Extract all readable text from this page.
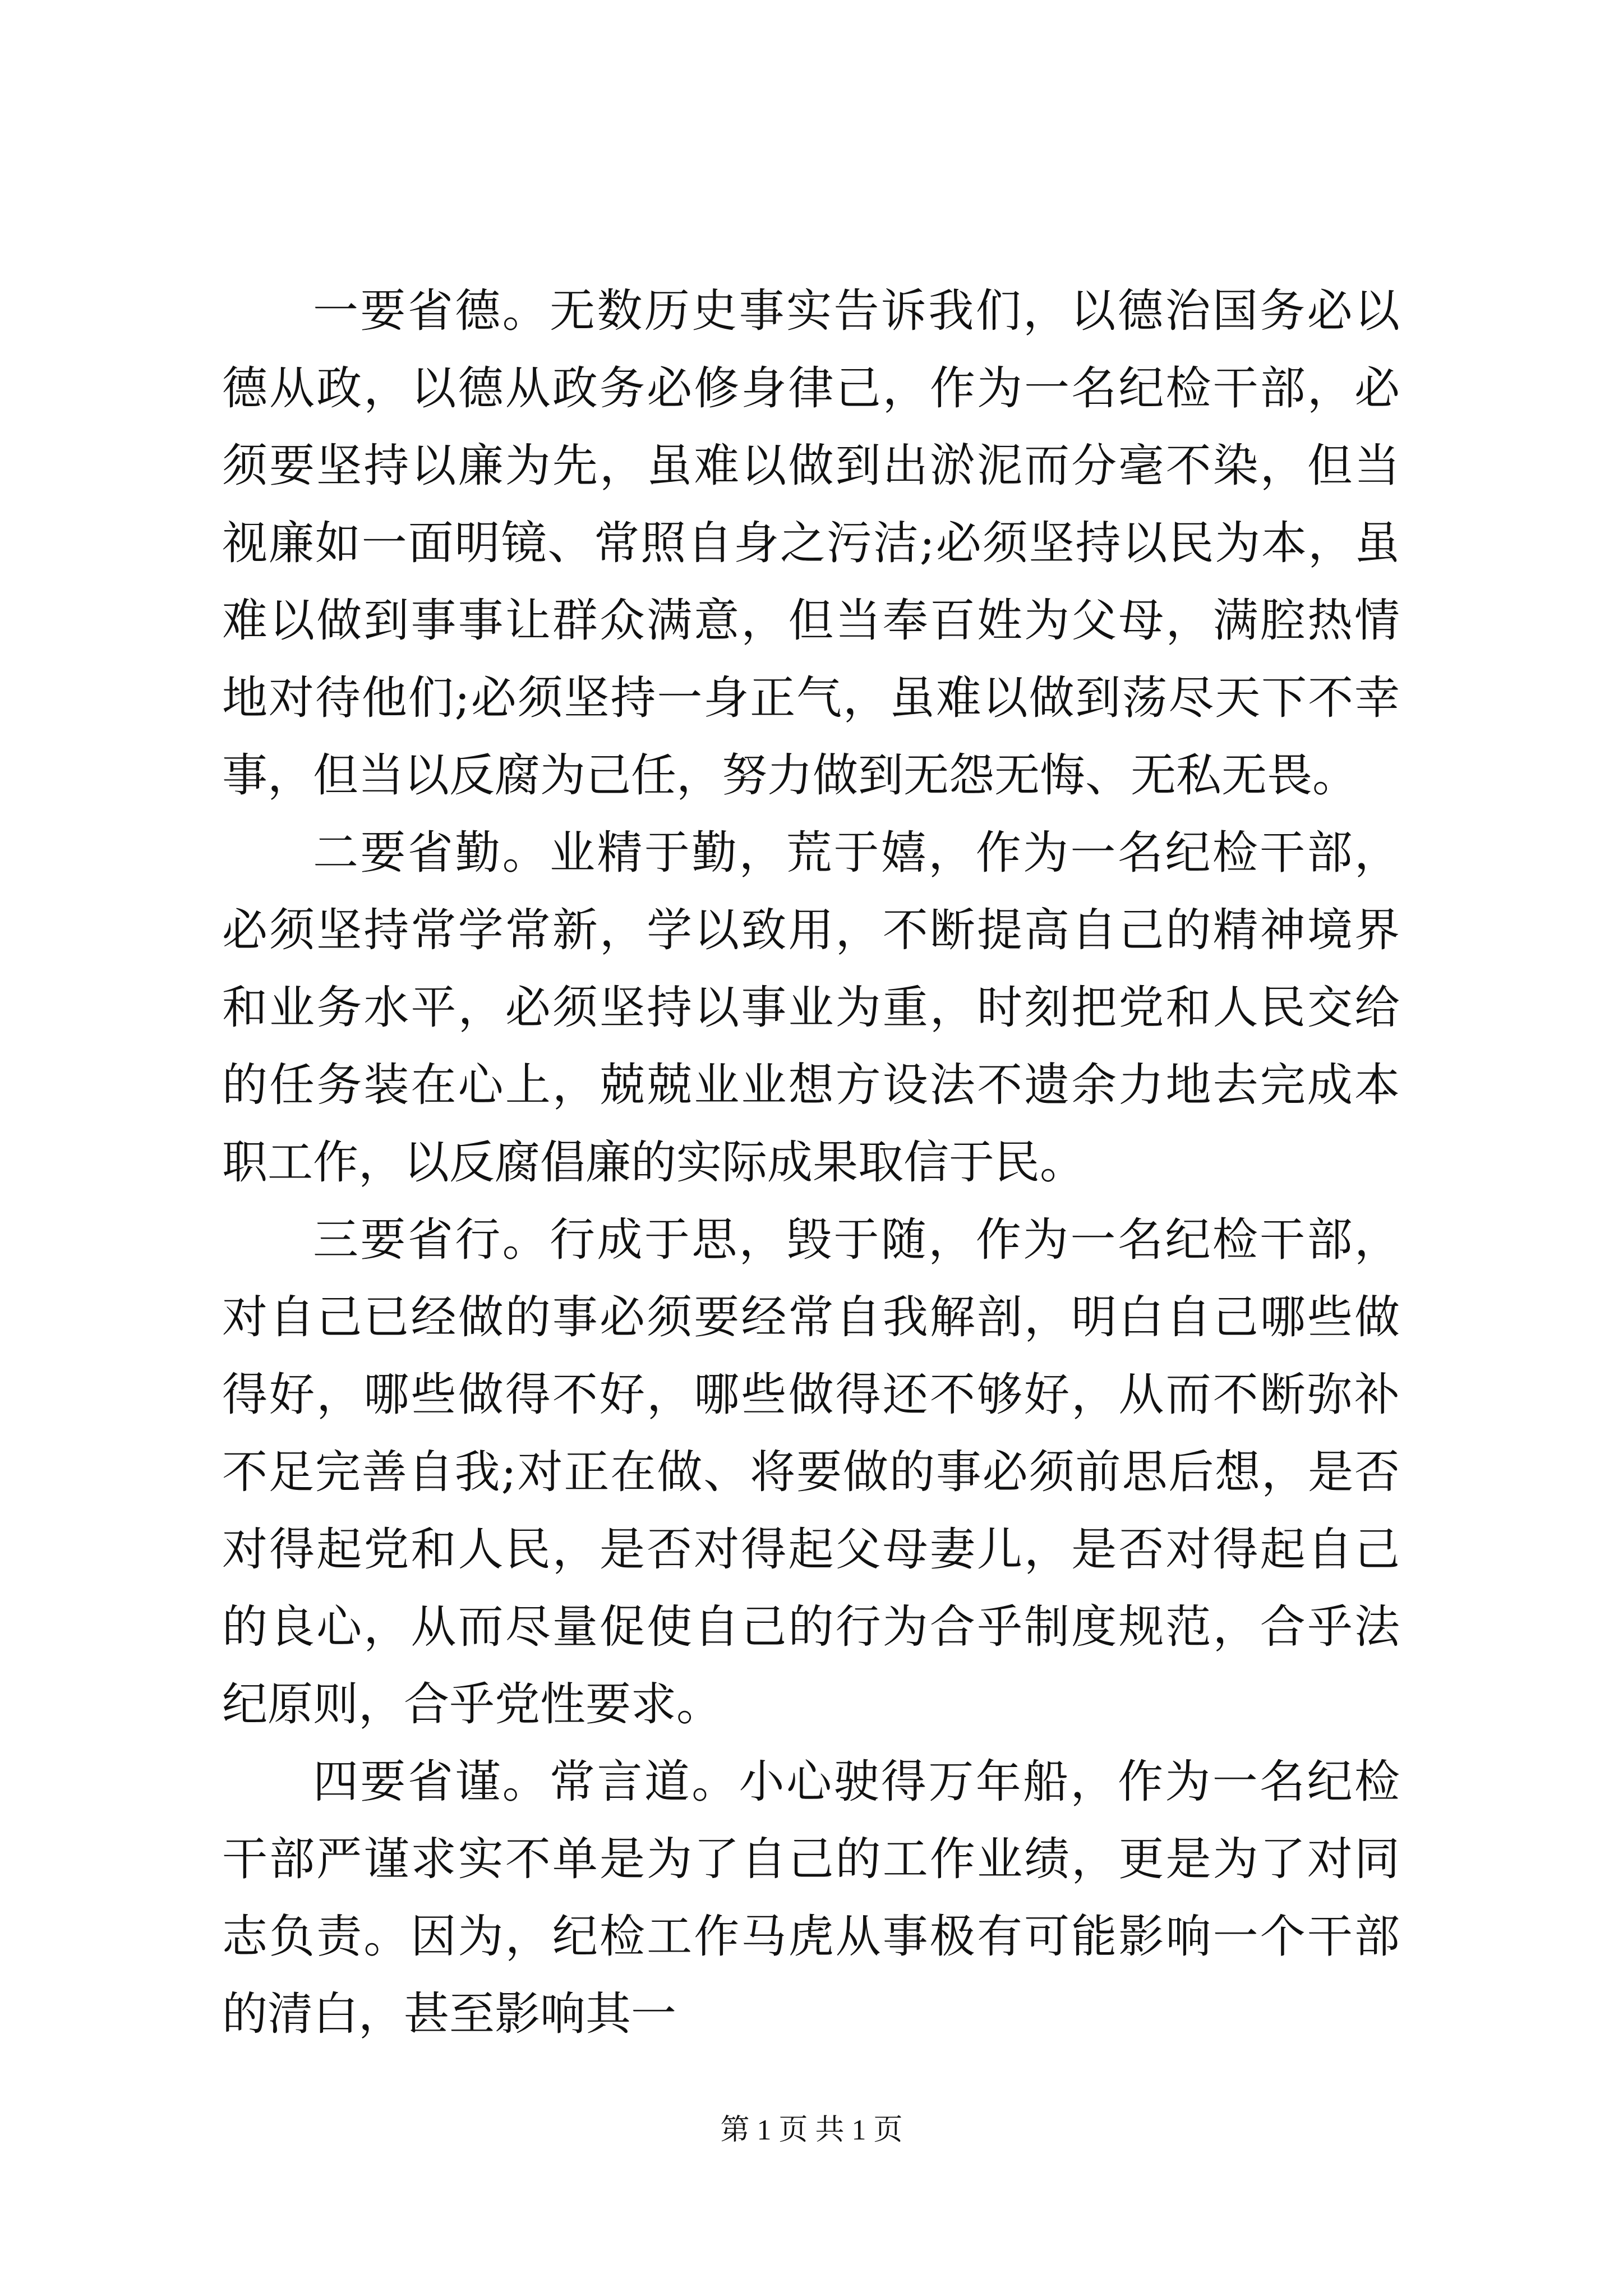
一要省德。无数历史事实告诉我们，以德治国务必以德从政，以德从政务必修身律己，作为一名纪检干部，必须要坚持以廉为先，虽难以做到出淤泥而分毫不染，但当视廉如一面明镜、常照自身之污洁;必须坚持以民为本，虽难以做到事事让群众满意，但当奉百姓为父母，满腔热情地对待他们;必须坚持一身正气，虽难以做到荡尽天下不幸事，但当以反腐为己任，努力做到无怨无悔、无私无畏。

二要省勤。业精于勤，荒于嬉，作为一名纪检干部，必须坚持常学常新，学以致用，不断提高自己的精神境界和业务水平，必须坚持以事业为重，时刻把党和人民交给的任务装在心上，兢兢业业想方设法不遗余力地去完成本职工作，以反腐倡廉的实际成果取信于民。

三要省行。行成于思，毁于随，作为一名纪检干部，对自己已经做的事必须要经常自我解剖，明白自己哪些做得好，哪些做得不好，哪些做得还不够好，从而不断弥补不足完善自我;对正在做、将要做的事必须前思后想，是否对得起党和人民，是否对得起父母妻儿，是否对得起自己的良心，从而尽量促使自己的行为合乎制度规范，合乎法纪原则，合乎党性要求。

四要省谨。常言道。小心驶得万年船，作为一名纪检干部严谨求实不单是为了自己的工作业绩，更是为了对同志负责。因为，纪检工作马虎从事极有可能影响一个干部的清白，甚至影响其一

第 1 页 共 1 页
